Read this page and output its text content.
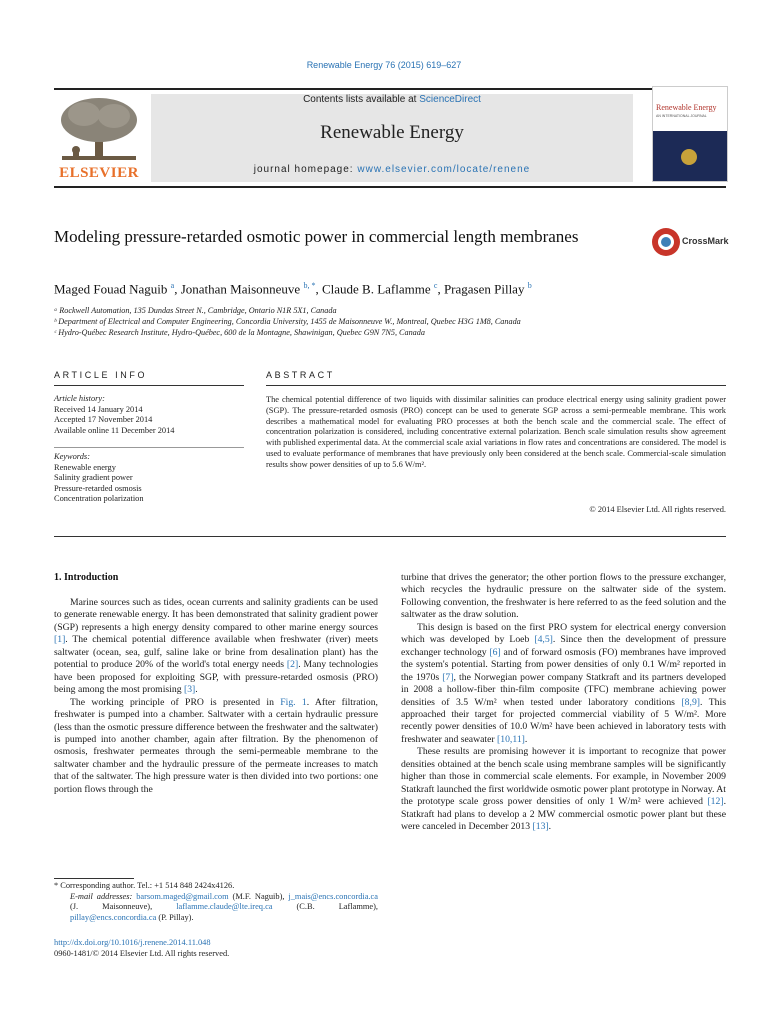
Renewable Energy 76 (2015) 619–627
ELSEVIER
Contents lists available at ScienceDirect
Renewable Energy
journal homepage: www.elsevier.com/locate/renene
Renewable Energy
AN INTERNATIONAL JOURNAL
Modeling pressure-retarded osmotic power in commercial length membranes	CrossMark
Maged Fouad Naguib $^a$, Jonathan Maisonneuve $^{b, *}$, Claude B. Laflamme $^c$, Pragasen Pillay $^b$
ᵃ Rockwell Automation, 135 Dundas Street N., Cambridge, Ontario N1R 5X1, Canada
ᵇ Department of Electrical and Computer Engineering, Concordia University, 1455 de Maisonneuve W., Montreal, Quebec H3G 1M8, Canada
ᶜ Hydro-Québec Research Institute, Hydro-Québec, 600 de la Montagne, Shawinigan, Quebec G9N 7N5, Canada
ARTICLE INFO
Article history:
Received 14 January 2014
Accepted 17 November 2014
Available online 11 December 2014
Keywords:
Renewable energy
Salinity gradient power
Pressure-retarded osmosis
Concentration polarization
ABSTRACT
The chemical potential difference of two liquids with dissimilar salinities can produce electrical energy using salinity gradient power (SGP). The pressure-retarded osmosis (PRO) concept can be used to generate SGP across a semi-permeable membrane. This work describes a mathematical model for evaluating PRO processes at both the bench scale and the commercial scale. The effect of concentration polarization is considered, including concentrative external polarization. Bench scale simulation results show agreement with published experimental data. At the commercial scale axial variations in flow rates and concentrations are considered. The model is used to evaluate performance of membranes that have previously only been considered at the bench scale. Commercial-scale simulation results show power densities of up to 5.6 W/m².
© 2014 Elsevier Ltd. All rights reserved.
1. Introduction

Marine sources such as tides, ocean currents and salinity gradients can be used to generate renewable energy. It has been demonstrated that salinity gradient power (SGP) represents a high energy density compared to other marine energy sources [1]. The chemical potential difference available when freshwater (river) meets saltwater (ocean, sea, gulf, saline lake or brine from desalination plant) has the potential to produce 20% of the world's total energy needs [2]. Many technologies have been proposed for exploiting SGP, with pressure-retarded osmosis (PRO) being among the most promising [3].

The working principle of PRO is presented in Fig. 1. After filtration, freshwater is pumped into a chamber. Saltwater with a certain hydraulic pressure (less than the osmotic pressure difference between the freshwater and the saltwater) is pumped into another chamber, again after filtration. By the phenomenon of osmosis, freshwater permeates through the semi-permeable membrane to the saltwater chamber and the hydraulic pressure of the permeate increases to match that of the saltwater. The high pressure water is then divided into two portions: one portion flows through the

turbine that drives the generator; the other portion flows to the pressure exchanger, which recycles the hydraulic pressure on the saltwater side of the system. Following convention, the freshwater is here referred to as the feed solution and the saltwater as the draw solution.

This design is based on the first PRO system for electrical energy conversion which was developed by Loeb [4,5]. Since then the development of pressure exchanger technology [6] and of forward osmosis (FO) membranes have improved the system's potential. Starting from power densities of only 0.1 W/m² reported in the 1970s [7], the Norwegian power company Statkraft and its partners developed in 2008 a hollow-fiber thin-film composite (TFC) membrane achieving power densities of 3.5 W/m² when tested under laboratory conditions [8,9]. This approached their target for projected commercial viability of 5 W/m². More recently power densities of 10.0 W/m² have been achieved in laboratory tests with freshwater and seawater [10,11].

These results are promising however it is important to recognize that power densities obtained at the bench scale using membrane samples will be significantly higher than those in commercial scale elements. For example, in November 2009 Statkraft launched the first worldwide osmotic power plant prototype in Norway. At the prototype scale gross power densities of only 1 W/m² were achieved [12]. Statkraft had plans to develop a 2 MW commercial osmotic power plant but these were canceled in December 2013 [13].

* Corresponding author. Tel.: +1 514 848 2424x4126.
E-mail addresses: barsom.maged@gmail.com (M.F. Naguib), j_mais@encs.concordia.ca (J. Maisonneuve), laflamme.claude@lte.ireq.ca (C.B. Laflamme), pillay@encs.concordia.ca (P. Pillay).
http://dx.doi.org/10.1016/j.renene.2014.11.048
0960-1481/© 2014 Elsevier Ltd. All rights reserved.
